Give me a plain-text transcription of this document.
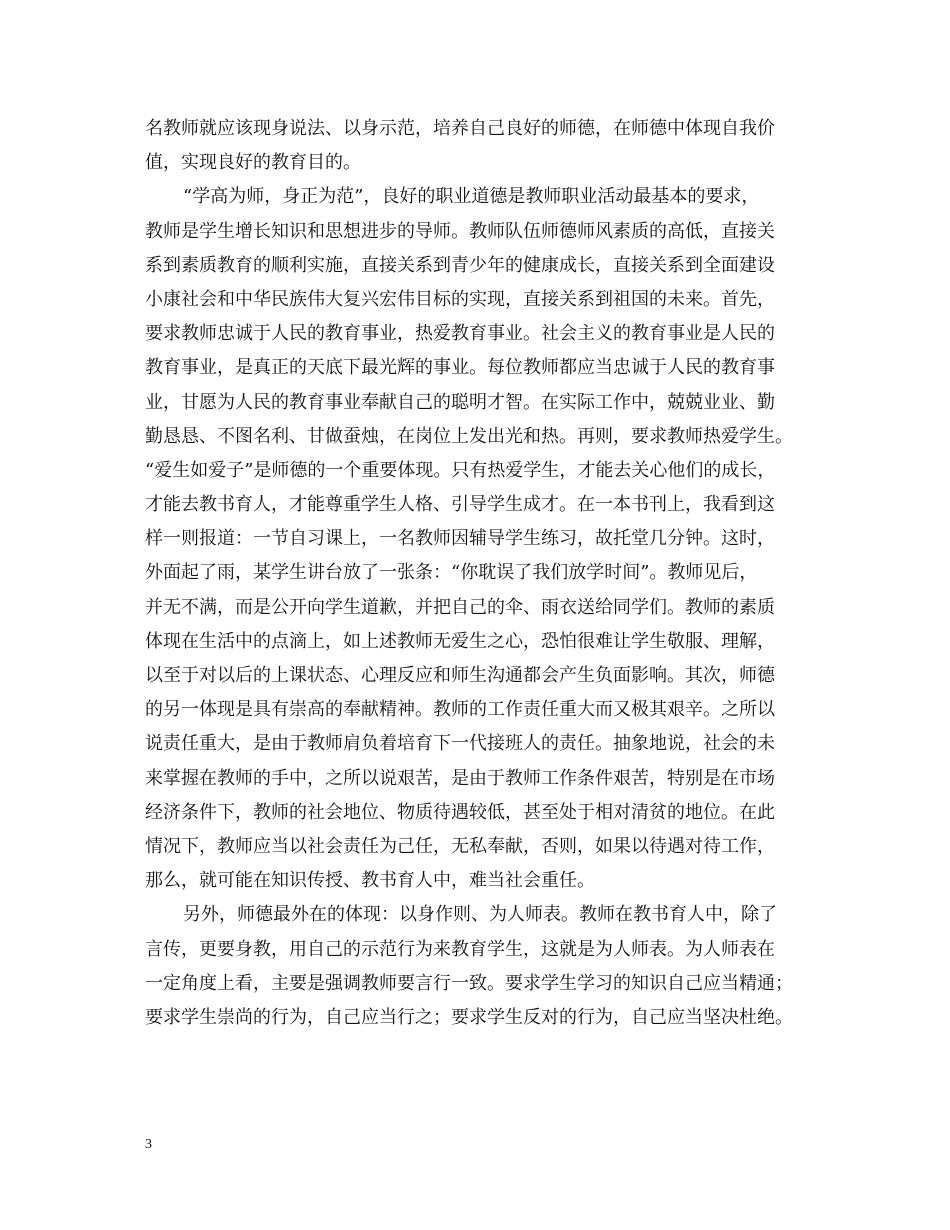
名教师就应该现身说法、以身示范，培养自己良好的师德，在师德中体现自我价
值，实现良好的教育目的。
“学高为师，身正为范”，良好的职业道德是教师职业活动最基本的要求，
教师是学生增长知识和思想进步的导师。教师队伍师德师风素质的高低，直接关
系到素质教育的顺利实施，直接关系到青少年的健康成长，直接关系到全面建设
小康社会和中华民族伟大复兴宏伟目标的实现，直接关系到祖国的未来。首先，
要求教师忠诚于人民的教育事业，热爱教育事业。社会主义的教育事业是人民的
教育事业，是真正的天底下最光辉的事业。每位教师都应当忠诚于人民的教育事
业，甘愿为人民的教育事业奉献自己的聪明才智。在实际工作中，兢兢业业、勤
勤恳恳、不图名利、甘做蚕烛，在岗位上发出光和热。再则，要求教师热爱学生。
“爱生如爱子”是师德的一个重要体现。只有热爱学生，才能去关心他们的成长，
才能去教书育人，才能尊重学生人格、引导学生成才。在一本书刊上，我看到这
样一则报道：一节自习课上，一名教师因辅导学生练习，故托堂几分钟。这时，
外面起了雨，某学生讲台放了一张条：“你耽误了我们放学时间”。教师见后，
并无不满，而是公开向学生道歉，并把自己的伞、雨衣送给同学们。教师的素质
体现在生活中的点滴上，如上述教师无爱生之心，恐怕很难让学生敬服、理解，
以至于对以后的上课状态、心理反应和师生沟通都会产生负面影响。其次，师德
的另一体现是具有崇高的奉献精神。教师的工作责任重大而又极其艰辛。之所以
说责任重大，是由于教师肩负着培育下一代接班人的责任。抽象地说，社会的未
来掌握在教师的手中，之所以说艰苦，是由于教师工作条件艰苦，特别是在市场
经济条件下，教师的社会地位、物质待遇较低，甚至处于相对清贫的地位。在此
情况下，教师应当以社会责任为己任，无私奉献，否则，如果以待遇对待工作，
那么，就可能在知识传授、教书育人中，难当社会重任。
另外，师德最外在的体现：以身作则、为人师表。教师在教书育人中，除了
言传，更要身教，用自己的示范行为来教育学生，这就是为人师表。为人师表在
一定角度上看，主要是强调教师要言行一致。要求学生学习的知识自己应当精通；
要求学生崇尚的行为，自己应当行之；要求学生反对的行为，自己应当坚决杜绝。
3
